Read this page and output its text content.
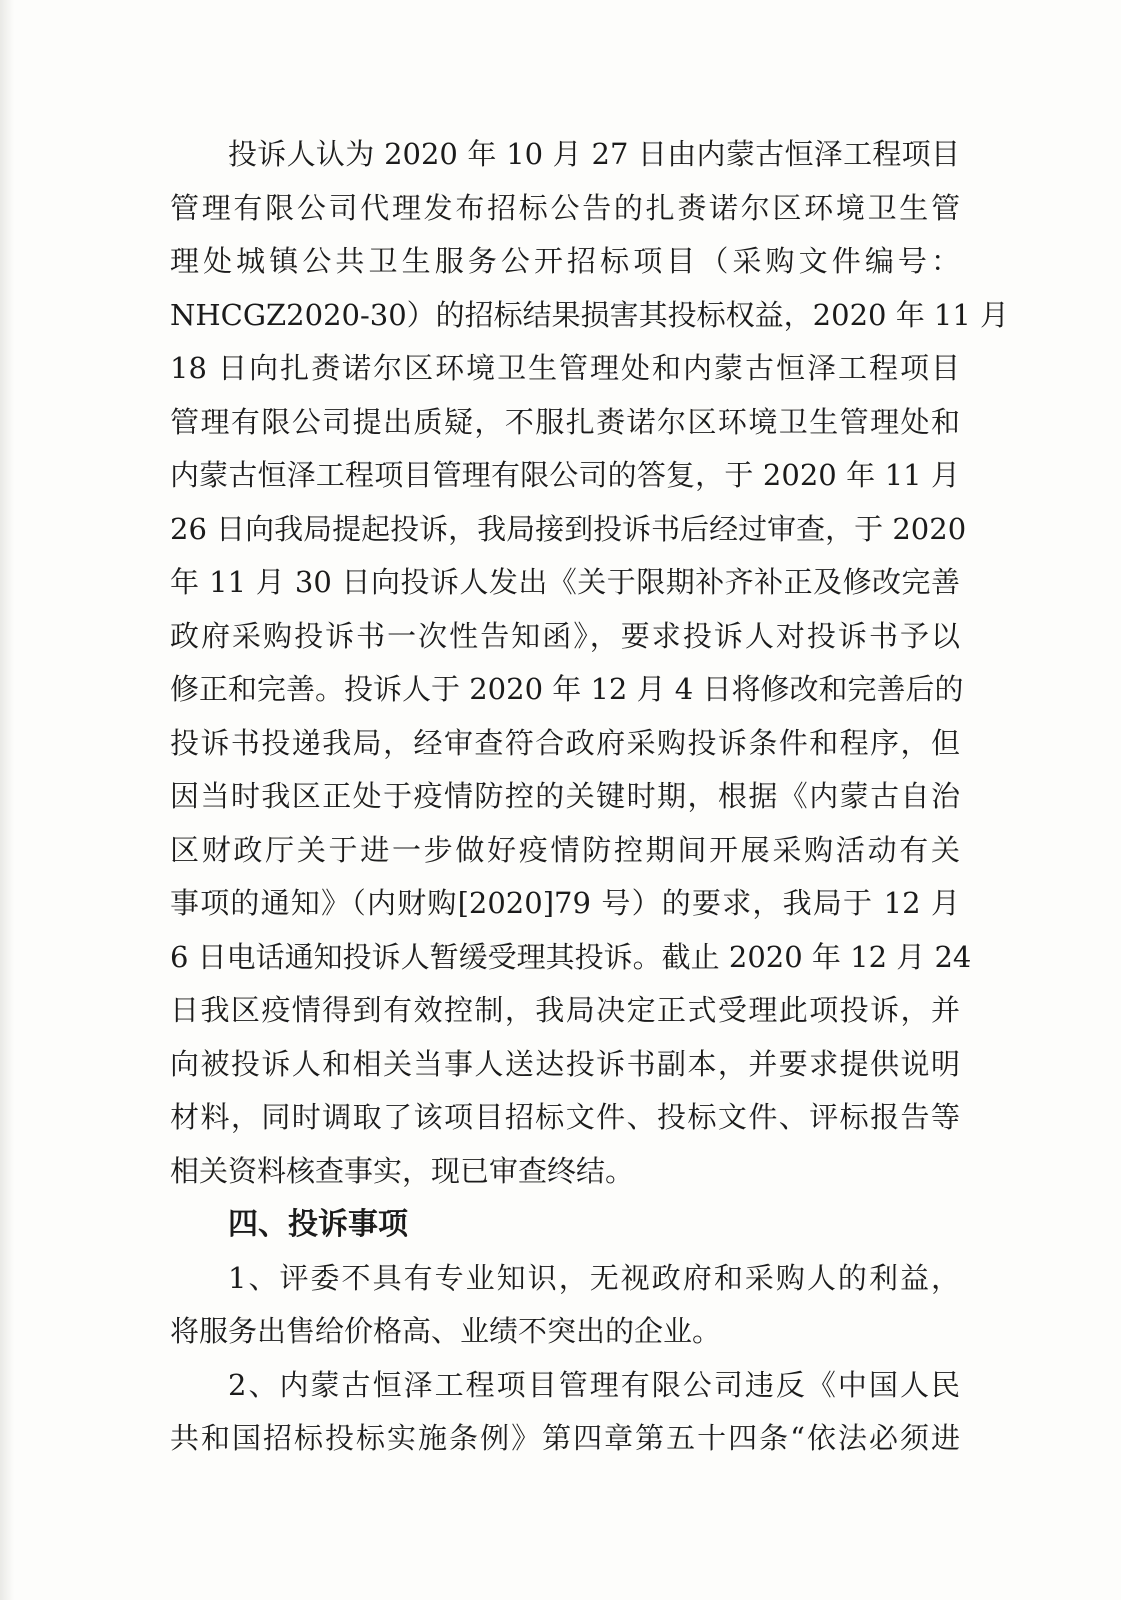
投诉人认为 2020 年 10 月 27 日由内蒙古恒泽工程项目
管理有限公司代理发布招标公告的扎赉诺尔区环境卫生管
理处城镇公共卫生服务公开招标项目（采购文件编号：
NHCGZ2020-30）的招标结果损害其投标权益，2020 年 11 月
18 日向扎赉诺尔区环境卫生管理处和内蒙古恒泽工程项目
管理有限公司提出质疑，不服扎赉诺尔区环境卫生管理处和
内蒙古恒泽工程项目管理有限公司的答复，于 2020 年 11 月
26 日向我局提起投诉，我局接到投诉书后经过审查，于 2020
年 11 月 30 日向投诉人发出《关于限期补齐补正及修改完善
政府采购投诉书一次性告知函》，要求投诉人对投诉书予以
修正和完善。投诉人于 2020 年 12 月 4 日将修改和完善后的
投诉书投递我局，经审查符合政府采购投诉条件和程序，但
因当时我区正处于疫情防控的关键时期，根据《内蒙古自治
区财政厅关于进一步做好疫情防控期间开展采购活动有关
事项的通知》（内财购[2020]79 号）的要求，我局于 12 月
6 日电话通知投诉人暂缓受理其投诉。截止 2020 年 12 月 24
日我区疫情得到有效控制，我局决定正式受理此项投诉，并
向被投诉人和相关当事人送达投诉书副本，并要求提供说明
材料，同时调取了该项目招标文件、投标文件、评标报告等
相关资料核查事实，现已审查终结。
四、投诉事项
1、评委不具有专业知识，无视政府和采购人的利益，
将服务出售给价格高、业绩不突出的企业。
2、内蒙古恒泽工程项目管理有限公司违反《中国人民
共和国招标投标实施条例》第四章第五十四条“依法必须进
